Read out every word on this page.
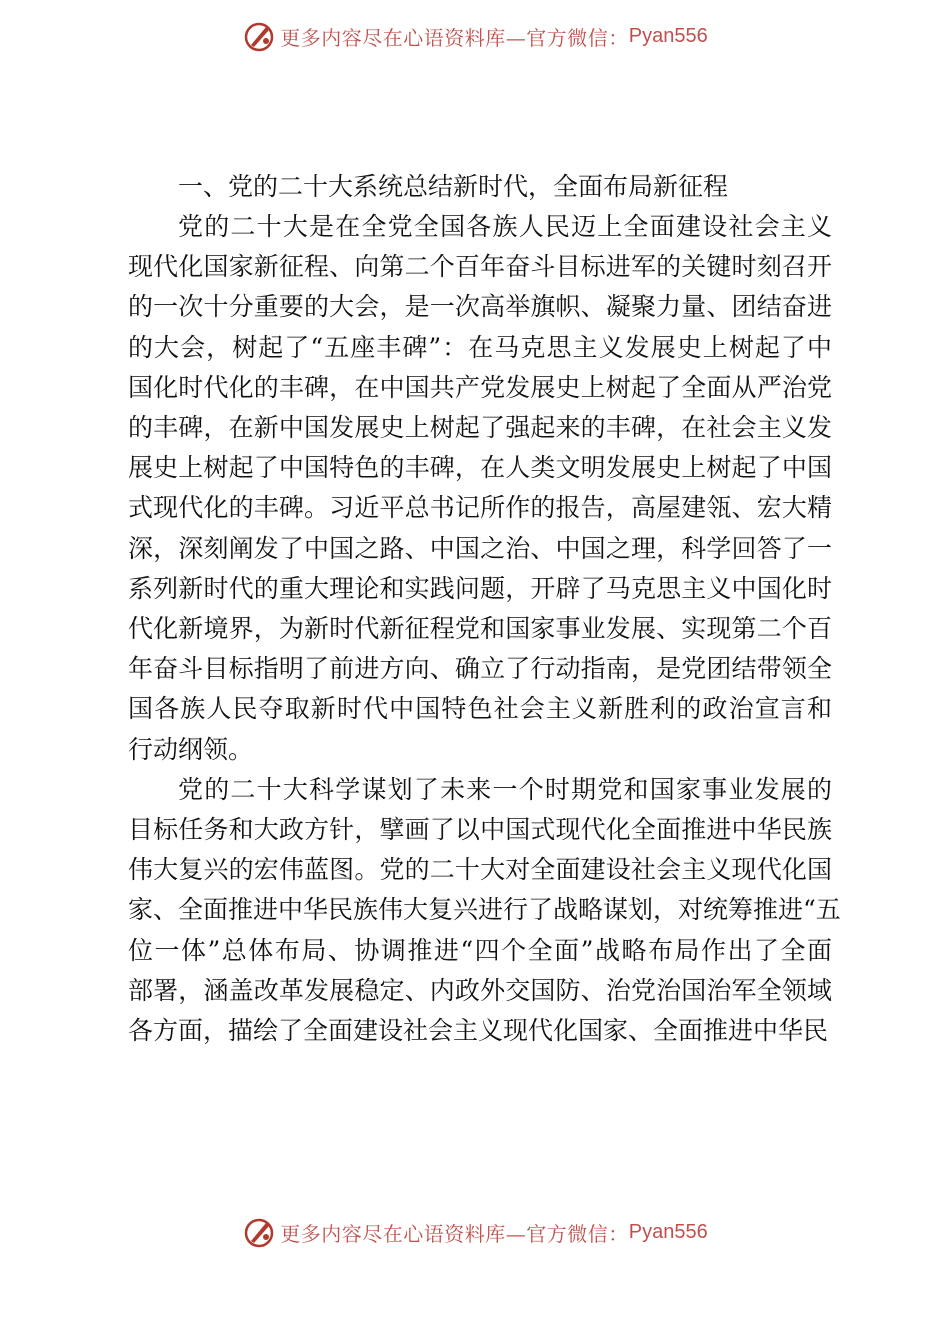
更多内容尽在心语资料库—官方微信： Pyan556

一、党的二十大系统总结新时代，全面布局新征程

党的二十大是在全党全国各族人民迈上全面建设社会主义
现代化国家新征程、向第二个百年奋斗目标进军的关键时刻召开
的一次十分重要的大会，是一次高举旗帜、凝聚力量、团结奋进
的大会，树起了“五座丰碑”：在马克思主义发展史上树起了中
国化时代化的丰碑，在中国共产党发展史上树起了全面从严治党
的丰碑，在新中国发展史上树起了强起来的丰碑，在社会主义发
展史上树起了中国特色的丰碑，在人类文明发展史上树起了中国
式现代化的丰碑。习近平总书记所作的报告，高屋建瓴、宏大精
深，深刻阐发了中国之路、中国之治、中国之理，科学回答了一
系列新时代的重大理论和实践问题，开辟了马克思主义中国化时
代化新境界，为新时代新征程党和国家事业发展、实现第二个百
年奋斗目标指明了前进方向、确立了行动指南，是党团结带领全
国各族人民夺取新时代中国特色社会主义新胜利的政治宣言和
行动纲领。
党的二十大科学谋划了未来一个时期党和国家事业发展的
目标任务和大政方针，擘画了以中国式现代化全面推进中华民族
伟大复兴的宏伟蓝图。党的二十大对全面建设社会主义现代化国
家、全面推进中华民族伟大复兴进行了战略谋划，对统筹推进“五
位一体”总体布局、协调推进“四个全面”战略布局作出了全面
部署，涵盖改革发展稳定、内政外交国防、治党治国治军全领域
各方面，描绘了全面建设社会主义现代化国家、全面推进中华民
更多内容尽在心语资料库—官方微信： Pyan556
